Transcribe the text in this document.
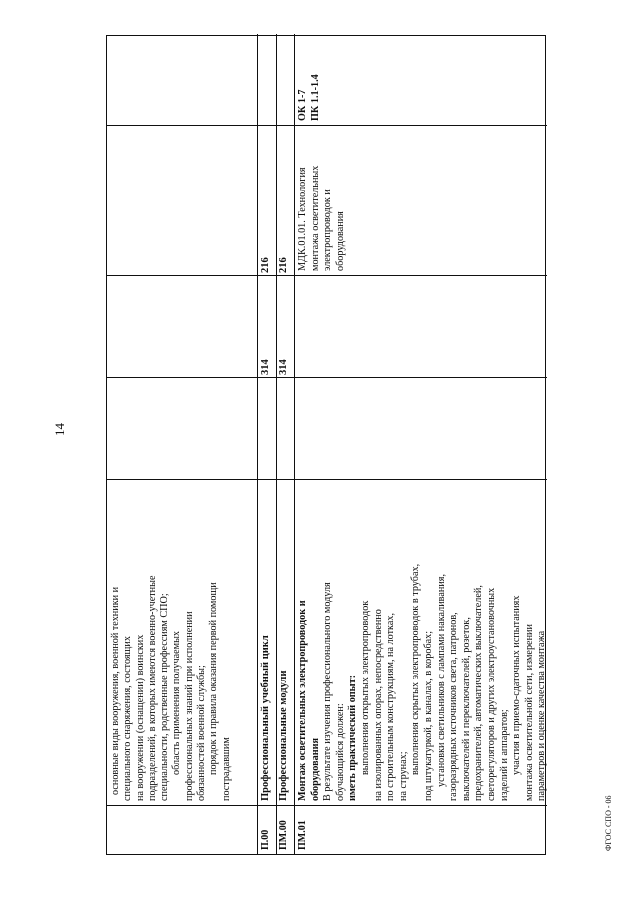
14
ФГОС СПО - 06
основные виды вооружения, военной техники и специального снаряжения, состоящих на вооружении (оснащении) воинских подразделений, в которых имеются военно-учетные специальности, родственные профессиям СПО; область применения получаемых профессиональных знаний при исполнении обязанностей военной службы; порядок и правила оказания первой помощи пострадавшим
П.00
Профессиональный учебный цикл
314
216
ПМ.00
Профессиональные модули
314
216
ПМ.01
Монтаж осветительных электропроводок и оборудования В результате изучения профессионального модуля обучающийся должен: иметь практический опыт: выполнения открытых электропроводок на изолированных опорах, непосредственно по строительным конструкциям, на лотках, на струнах;
выполнения скрытых электропроводок в трубах, под штукатуркой, в каналах, в коробах; установки светильников с лампами накаливания, газоразрядных источников света, патронов, выключателей и переключателей, розеток, предохранителей, автоматических выключателей, светорегуляторов и других электроустановочных изделий и аппаратов; участия в приемо-сдаточных испытаниях монтажа осветительной сети, измерении параметров и оценке качества монтажа
МДК.01.01. Технология монтажа осветительных электропроводок и оборудования
ОК 1-7 ПК 1.1-1.4
